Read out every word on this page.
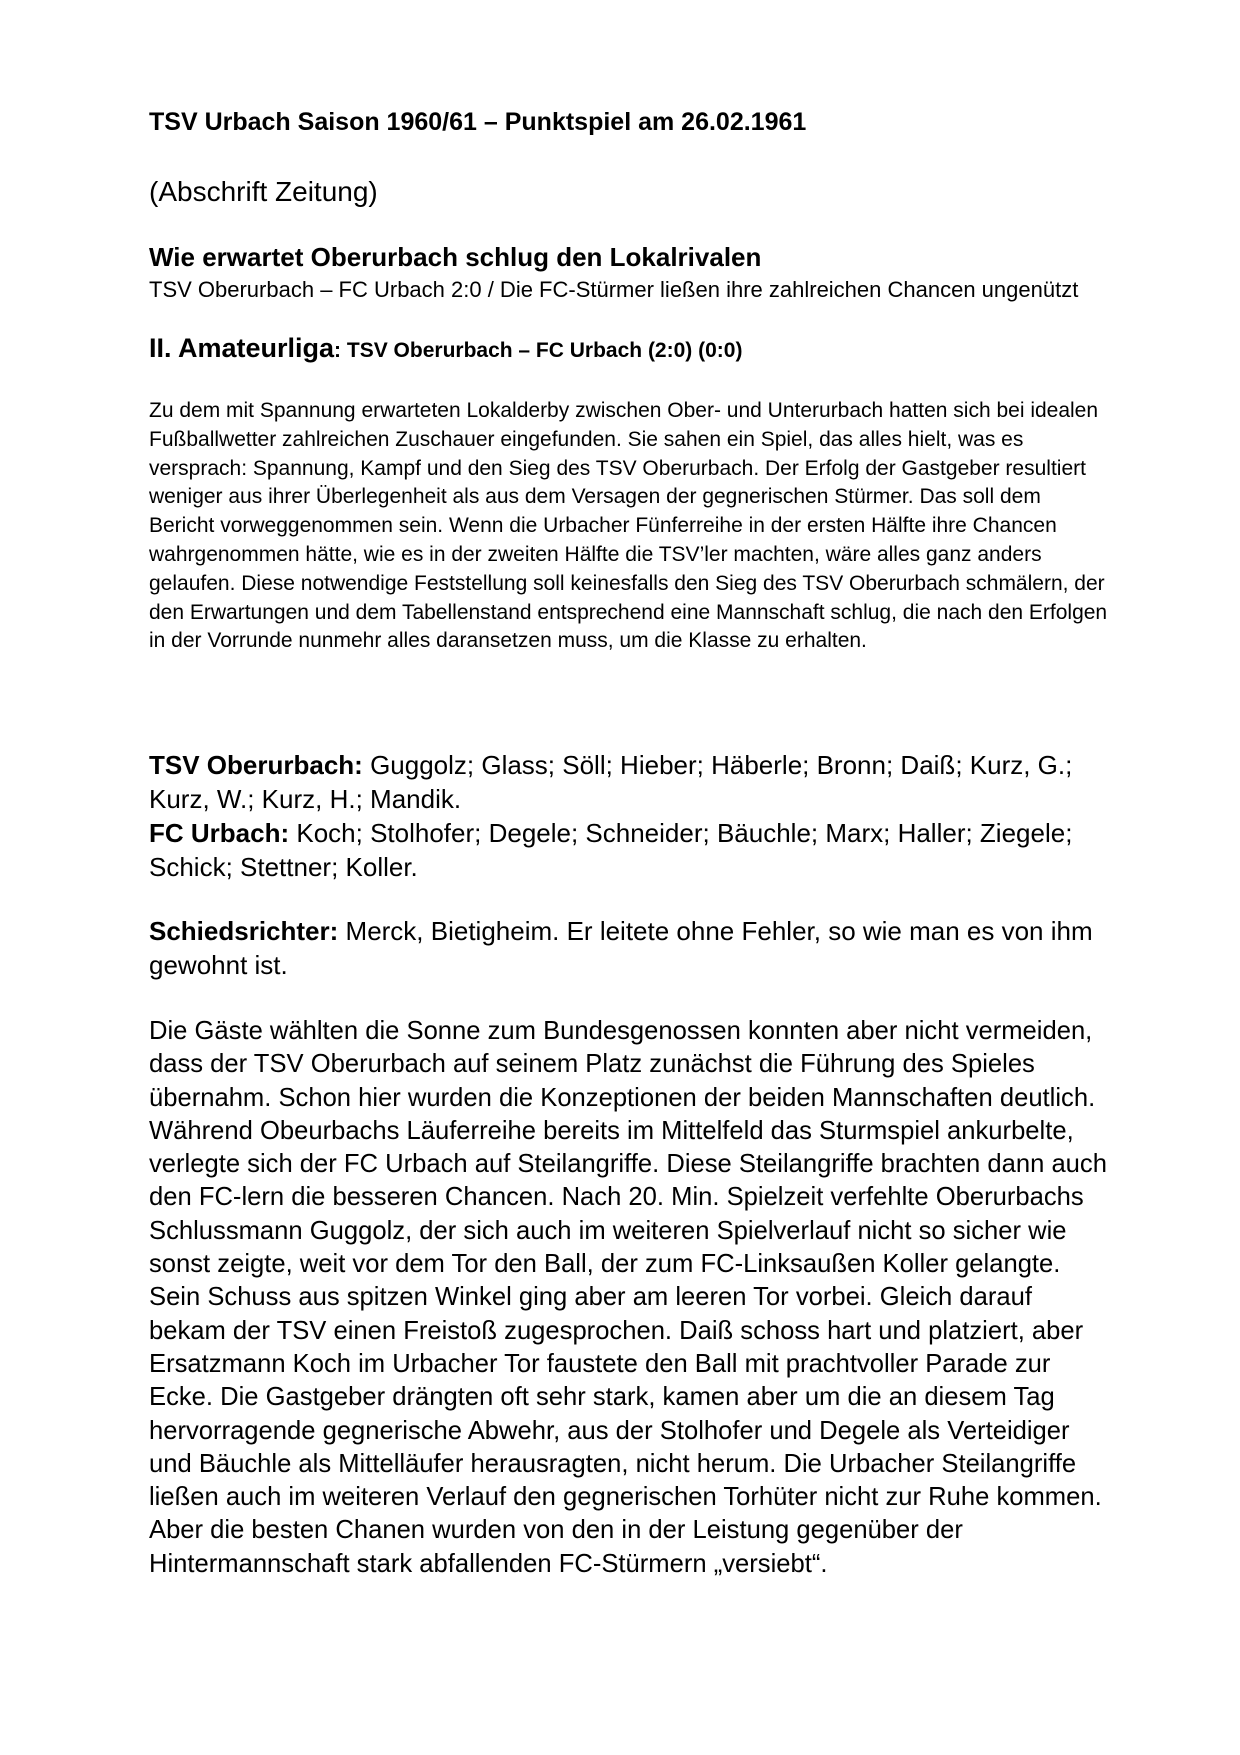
TSV Urbach Saison 1960/61 – Punktspiel am 26.02.1961

(Abschrift Zeitung)

Wie erwartet Oberurbach schlug den Lokalrivalen

TSV Oberurbach – FC Urbach 2:0 / Die FC-Stürmer ließen ihre zahlreichen Chancen ungenützt

II. Amateurliga: TSV Oberurbach – FC Urbach (2:0) (0:0)

Zu dem mit Spannung erwarteten Lokalderby zwischen Ober- und Unterurbach hatten sich bei idealen Fußballwetter zahlreichen Zuschauer eingefunden. Sie sahen ein Spiel, das alles hielt, was es versprach: Spannung, Kampf und den Sieg des TSV Oberurbach. Der Erfolg der Gastgeber resultiert weniger aus ihrer Überlegenheit als aus dem Versagen der gegnerischen Stürmer. Das soll dem Bericht vorweggenommen sein. Wenn die Urbacher Fünferreihe in der ersten Hälfte ihre Chancen wahrgenommen hätte, wie es in der zweiten Hälfte die TSV’ler machten, wäre alles ganz anders gelaufen. Diese notwendige Feststellung soll keinesfalls den Sieg des TSV Oberurbach schmälern, der den Erwartungen und dem Tabellenstand entsprechend eine Mannschaft schlug, die nach den Erfolgen in der Vorrunde nunmehr alles daransetzen muss, um die Klasse zu erhalten.

TSV Oberurbach: Guggolz; Glass; Söll; Hieber; Häberle; Bronn; Daiß; Kurz, G.; Kurz, W.; Kurz, H.; Mandik.
FC Urbach: Koch; Stolhofer; Degele; Schneider; Bäuchle; Marx; Haller; Ziegele; Schick; Stettner; Koller.

Schiedsrichter: Merck, Bietigheim. Er leitete ohne Fehler, so wie man es von ihm gewohnt ist.

Die Gäste wählten die Sonne zum Bundesgenossen konnten aber nicht vermeiden, dass der TSV Oberurbach auf seinem Platz zunächst die Führung des Spieles übernahm. Schon hier wurden die Konzeptionen der beiden Mannschaften deutlich. Während Obeurbachs Läuferreihe bereits im Mittelfeld das Sturmspiel ankurbelte, verlegte sich der FC Urbach auf Steilangriffe. Diese Steilangriffe brachten dann auch den FC-lern die besseren Chancen. Nach 20. Min. Spielzeit verfehlte Oberurbachs Schlussmann Guggolz, der sich auch im weiteren Spielverlauf nicht so sicher wie sonst zeigte, weit vor dem Tor den Ball, der zum FC-Linksaußen Koller gelangte. Sein Schuss aus spitzen Winkel ging aber am leeren Tor vorbei. Gleich darauf bekam der TSV einen Freistoß zugesprochen. Daiß schoss hart und platziert, aber Ersatzmann Koch im Urbacher Tor faustete den Ball mit prachtvoller Parade zur Ecke. Die Gastgeber drängten oft sehr stark, kamen aber um die an diesem Tag hervorragende gegnerische Abwehr, aus der Stolhofer und Degele als Verteidiger und Bäuchle als Mittelläufer herausragten, nicht herum. Die Urbacher Steilangriffe ließen auch im weiteren Verlauf den gegnerischen Torhüter nicht zur Ruhe kommen. Aber die besten Chanen wurden von den in der Leistung gegenüber der Hintermannschaft stark abfallenden FC-Stürmern „versiebt“.
